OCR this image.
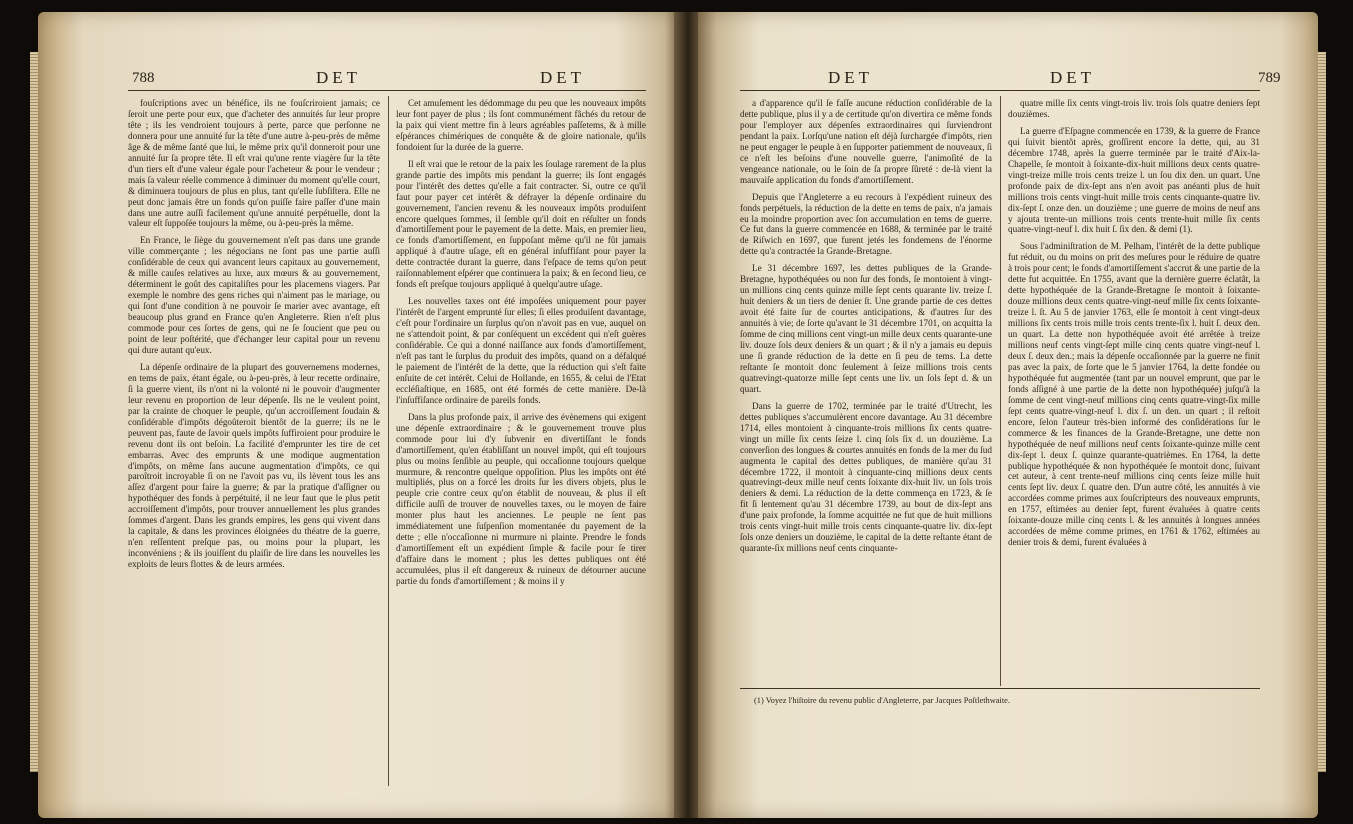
788	DET	DET

fouſcriptions avec un bénéfice, ils ne fouſcriroient jamais; ce ſeroit une perte pour eux, que d'acheter des annuités ſur leur propre tête ; ils les vendroient toujours à perte, parce que perſonne ne donnera pour une annuité ſur la tête d'une autre à-peu-près de même âge & de même ſanté que lui, le même prix qu'il donneroit pour une annuité ſur ſa propre tête. Il eſt vrai qu'une rente viagère ſur la tête d'un tiers eſt d'une valeur égale pour l'acheteur & pour le vendeur ; mais ſa valeur réelle commence à diminuer du moment qu'elle court, & diminuera toujours de plus en plus, tant qu'elle ſubſiſtera. Elle ne peut donc jamais être un fonds qu'on puiſſe faire paſſer d'une main dans une autre auſſi facilement qu'une annuité perpétuelle, dont la valeur eſt ſuppoſée toujours la même, ou à-peu-près la même.

En France, le ſiège du gouvernement n'eſt pas dans une grande ville commerçante ; les négocians ne ſont pas une partie auſſi conſidérable de ceux qui avancent leurs capitaux au gouvernement, & mille cauſes relatives au luxe, aux mœurs & au gouvernement, déterminent le goût des capitaliſtes pour les placemens viagers. Par exemple le nombre des gens riches qui n'aiment pas le mariage, ou qui ſont d'une condition à ne pouvoir ſe marier avec avantage, eſt beaucoup plus grand en France qu'en Angleterre. Rien n'eſt plus commode pour ces ſortes de gens, qui ne ſe ſoucient que peu ou point de leur poſtérité, que d'échanger leur capital pour un revenu qui dure autant qu'eux.

La dépenſe ordinaire de la plupart des gouvernemens modernes, en tems de paix, étant égale, ou à-peu-près, à leur recette ordinaire, ſi la guerre vient, ils n'ont ni la volonté ni le pouvoir d'augmenter leur revenu en proportion de leur dépenſe. Ils ne le veulent point, par la crainte de choquer le peuple, qu'un accroiſſement ſoudain & conſidérable d'impôts dégoûteroit bientôt de la guerre; ils ne le peuvent pas, faute de ſavoir quels impôts ſuffiroient pour produire le revenu dont ils ont beſoin. La facilité d'emprunter les tire de cet embarras. Avec des emprunts & une modique augmentation d'impôts, on même ſans aucune augmentation d'impôts, ce qui paroîtroit incroyable ſi on ne l'avoit pas vu, ils lèvent tous les ans aſſez d'argent pour faire la guerre; & par la pratique d'aſſigner ou hypothéquer des fonds à perpétuité, il ne leur faut que le plus petit accroiſſement d'impôts, pour trouver annuellement les plus grandes ſommes d'argent. Dans les grands empires, les gens qui vivent dans la capitale, & dans les provinces éloignées du théatre de la guerre, n'en reſſentent preſque pas, ou moins pour la plupart, les inconvéniens ; & ils jouiſſent du plaiſir de lire dans les nouvelles les exploits de leurs flottes & de leurs armées.

Cet amuſement les dédommage du peu que les nouveaux impôts leur font payer de plus ; ils ſont communément fâchés du retour de la paix qui vient mettre fin à leurs agréables paſſetems, & à mille eſpérances chimériques de conquête & de gloire nationale, qu'ils fondoient ſur la durée de la guerre.

Il eſt vrai que le retour de la paix les ſoulage rarement de la plus grande partie des impôts mis pendant la guerre; ils ſont engagés pour l'intérêt des dettes qu'elle a fait contracter. Si, outre ce qu'il faut pour payer cet intérêt & défrayer la dépenſe ordinaire du gouvernement, l'ancien revenu & les nouveaux impôts produiſent encore quelques ſommes, il ſemble qu'il doit en réſulter un fonds d'amortiſſement pour le payement de la dette. Mais, en premier lieu, ce fonds d'amortiſſement, en ſuppoſant même qu'il ne fût jamais appliqué à d'autre uſage, eſt en général inſuffiſant pour payer la dette contractée durant la guerre, dans l'eſpace de tems qu'on peut raiſonnablement eſpérer que continuera la paix; & en ſecond lieu, ce fonds eſt preſque toujours appliqué à quelqu'autre uſage.

Les nouvelles taxes ont été impoſées uniquement pour payer l'intérêt de l'argent emprunté ſur elles; ſi elles produiſent davantage, c'eſt pour l'ordinaire un ſurplus qu'on n'avoit pas en vue, auquel on ne s'attendoit point, & par conſéquent un excédent qui n'eſt guères conſidérable. Ce qui a donné naiſſance aux fonds d'amortiſſement, n'eſt pas tant le ſurplus du produit des impôts, quand on a défalqué le paiement de l'intérêt de la dette, que la réduction qui s'eſt faite enſuite de cet intérêt. Celui de Hollande, en 1655, & celui de l'Etat eccléſiaſtique, en 1685, ont été formés de cette manière. De-là l'inſuffiſance ordinaire de pareils fonds.

Dans la plus profonde paix, il arrive des évènemens qui exigent une dépenſe extraordinaire ; & le gouvernement trouve plus commode pour lui d'y ſubvenir en divertiſſant le fonds d'amortiſſement, qu'en établiſſant un nouvel impôt, qui eſt toujours plus ou moins ſenſible au peuple, qui occaſionne toujours quelque murmure, & rencontre quelque oppoſition. Plus les impôts ont été multipliés, plus on a forcé les droits ſur les divers objets, plus le peuple crie contre ceux qu'on établit de nouveau, & plus il eſt difficile auſſi de trouver de nouvelles taxes, ou le moyen de faire monter plus haut les anciennes. Le peuple ne ſent pas immédiatement une ſuſpenſion momentanée du payement de la dette ; elle n'occaſionne ni murmure ni plainte. Prendre le fonds d'amortiſſement eſt un expédient ſimple & facile pour ſe tirer d'affaire dans le moment ; plus les dettes publiques ont été accumulées, plus il eſt dangereux & ruineux de détourner aucune partie du fonds d'amortiſſement ; & moins il y

DET	DET	789

a d'apparence qu'il ſe faſſe aucune réduction conſidérable de la dette publique, plus il y a de certitude qu'on divertira ce même fonds pour l'employer aux dépenſes extraordinaires qui ſurviendront pendant la paix. Lorſqu'une nation eſt déjà ſurchargée d'impôts, rien ne peut engager le peuple à en ſupporter patiemment de nouveaux, ſi ce n'eſt les beſoins d'une nouvelle guerre, l'animoſité de la vengeance nationale, ou le ſoin de ſa propre ſûreté : de-là vient la mauvaiſe application du fonds d'amortiſſement.

Depuis que l'Angleterre a eu recours à l'expédient ruineux des fonds perpétuels, la réduction de la dette en tems de paix, n'a jamais eu la moindre proportion avec ſon accumulation en tems de guerre. Ce fut dans la guerre commencée en 1688, & terminée par le traité de Riſwich en 1697, que furent jetés les fondemens de l'énorme dette qu'a contractée la Grande-Bretagne.

Le 31 décembre 1697, les dettes publiques de la Grande-Bretagne, hypothéquées ou non ſur des fonds, ſe montoient à vingt-un millions cinq cents quinze mille ſept cents quarante liv. treize ſ. huit deniers & un tiers de denier ſt. Une grande partie de ces dettes avoit été faite ſur de courtes anticipations, & d'autres ſur des annuités à vie; de ſorte qu'avant le 31 décembre 1701, on acquitta la ſomme de cinq millions cent vingt-un mille deux cents quarante-une liv. douze ſols deux deniers & un quart ; & il n'y a jamais eu depuis une ſi grande réduction de la dette en ſi peu de tems. La dette reſtante ſe montoit donc ſeulement à ſeize millions trois cents quatrevingt-quatorze mille ſept cents une liv. un ſols ſept d. & un quart.

Dans la guerre de 1702, terminée par le traité d'Utrecht, les dettes publiques s'accumulèrent encore davantage. Au 31 décembre 1714, elles montoient à cinquante-trois millions ſix cents quatre-vingt un mille ſix cents ſeize l. cinq ſols ſix d. un douzième. La converſion des longues & courtes annuités en fonds de la mer du ſud augmenta le capital des dettes publiques, de manière qu'au 31 décembre 1722, il montoit à cinquante-cinq millions deux cents quatrevingt-deux mille neuf cents ſoixante dix-huit liv. un ſols trois deniers & demi. La réduction de la dette commença en 1723, & ſe fit ſi lentement qu'au 31 décembre 1739, au bout de dix-ſept ans d'une paix profonde, la ſomme acquittée ne fut que de huit millions trois cents vingt-huit mille trois cents cinquante-quatre liv. dix-ſept ſols onze deniers un douzième, le capital de la dette reſtante étant de quarante-ſix millions neuf cents cinquante-

quatre mille ſix cents vingt-trois liv. trois ſols quatre deniers ſept douzièmes.

La guerre d'Eſpagne commencée en 1739, & la guerre de France qui ſuivit bientôt après, groſſirent encore la dette, qui, au 31 décembre 1748, après la guerre terminée par le traité d'Aix-la-Chapelle, ſe montoit à ſoixante-dix-huit millions deux cents quatre-vingt-treize mille trois cents treize l. un ſou dix den. un quart. Une profonde paix de dix-ſept ans n'en avoit pas anéanti plus de huit millions trois cents vingt-huit mille trois cents cinquante-quatre liv. dix-ſept ſ. onze den. un douzième ; une guerre de moins de neuf ans y ajouta trente-un millions trois cents trente-huit mille ſix cents quatre-vingt-neuf l. dix huit ſ. ſix den. & demi (1).

Sous l'adminiſtration de M. Pelham, l'intérêt de la dette publique fut réduit, ou du moins on prit des meſures pour le réduire de quatre à trois pour cent; le fonds d'amortiſſement s'accrut & une partie de la dette fut acquittée. En 1755, avant que la dernière guerre éclatât, la dette hypothéquée de la Grande-Bretagne ſe montoit à ſoixante-douze millions deux cents quatre-vingt-neuf mille ſix cents ſoixante-treize l. ſt. Au 5 de janvier 1763, elle ſe montoit à cent vingt-deux millions ſix cents trois mille trois cents trente-ſix l. huit ſ. deux den. un quart. La dette non hypothéquée avoit été arrêtée à treize millions neuf cents vingt-ſept mille cinq cents quatre vingt-neuf l. deux ſ. deux den.; mais la dépenſe occaſionnée par la guerre ne finit pas avec la paix, de ſorte que le 5 janvier 1764, la dette fondée ou hypothéquée fut augmentée (tant par un nouvel emprunt, que par le fonds aſſigné à une partie de la dette non hypothéquée) juſqu'à la ſomme de cent vingt-neuf millions cinq cents quatre-vingt-ſix mille ſept cents quatre-vingt-neuf l. dix ſ. un den. un quart ; il reſtoit encore, ſelon l'auteur très-bien informé des conſidérations ſur le commerce & les finances de la Grande-Bretagne, une dette non hypothéquée de neuf millions neuf cents ſoixante-quinze mille cent dix-ſept l. deux ſ. quinze quarante-quatrièmes. En 1764, la dette publique hypothéquée & non hypothéquée ſe montoit donc, ſuivant cet auteur, à cent trente-neuf millions cinq cents ſeize mille huit cents ſept liv. deux ſ. quatre den. D'un autre côté, les annuités à vie accordées comme primes aux ſouſcripteurs des nouveaux emprunts, en 1757, eſtimées au denier ſept, furent évaluées à quatre cents ſoixante-douze mille cinq cents l. & les annuités à longues années accordées de même comme primes, en 1761 & 1762, eſtimées au denier trois & demi, furent évaluées à

(1) Voyez l'hiſtoire du revenu public d'Angleterre, par Jacques Poſtlethwaite.
